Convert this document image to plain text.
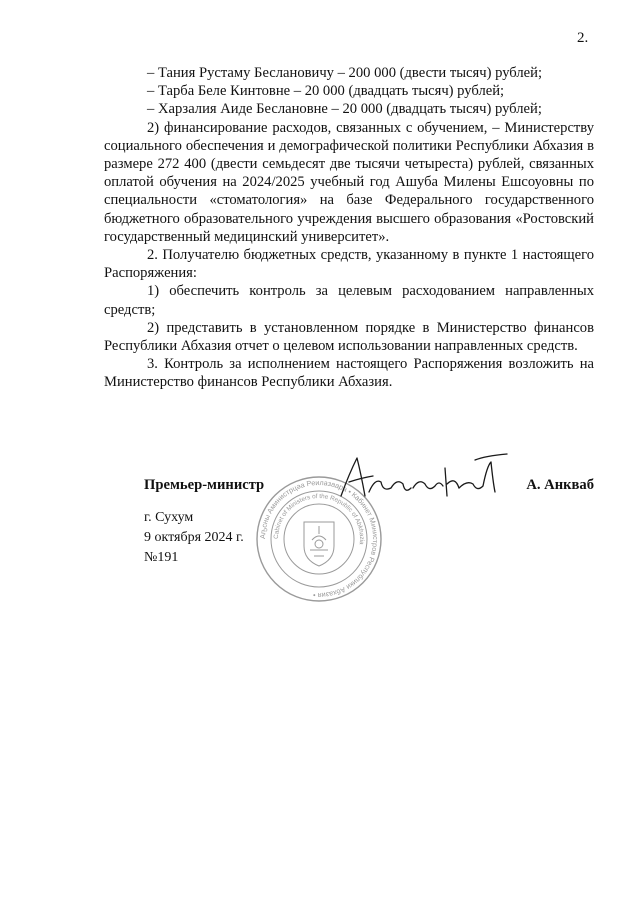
2.

– Тания Рустаму Беслановичу – 200 000 (двести тысяч) рублей;

– Тарба Беле Кинтовне – 20 000 (двадцать тысяч) рублей;

– Харзалия Аиде Беслановне – 20 000 (двадцать тысяч) рублей;

2) финансирование расходов, связанных с обучением, – Министерству социального обеспечения и демографической политики Республики Абхазия в размере 272 400 (двести семьдесят две тысячи четыреста) рублей, связанных оплатой обучения на 2024/2025 учебный год Ашуба Милены Ешсоуовны по специальности «стоматология» на базе Федерального государственного бюджетного образовательного учреждения высшего образования «Ростовский государственный медицинский университет».

2. Получателю бюджетных средств, указанному в пункте 1 настоящего Распоряжения:

1) обеспечить контроль за целевым расходованием направленных средств;

2) представить в установленном порядке в Министерство финансов Республики Абхазия отчет о целевом использовании направленных средств.

3. Контроль за исполнением настоящего Распоряжения возложить на Министерство финансов Республики Абхазия.

Аҧсны Аминистрцәа Реилазаара • Кабинет Министров Республики Абхазия •
Cabinet of Ministers of the Republic of Abkhazia
Премьер-министр	А. Анкваб
г. Сухум
9 октября 2024 г.
№191
